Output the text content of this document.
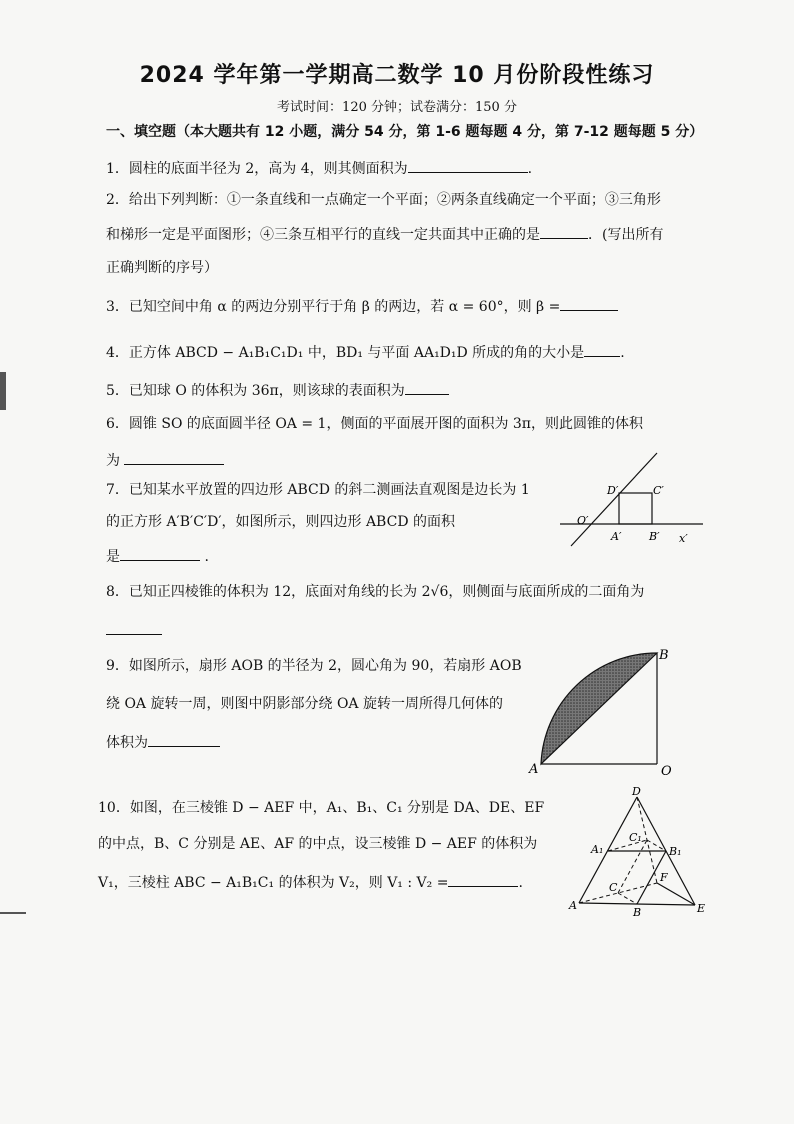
2024 学年第一学期高二数学 10 月份阶段性练习
考试时间：120 分钟；试卷满分：150 分
一、填空题（本大题共有 12 小题，满分 54 分，第 1-6 题每题 4 分，第 7-12 题每题 5 分）
1．圆柱的底面半径为 2，高为 4，则其侧面积为	.
2．给出下列判断：①一条直线和一点确定一个平面；②两条直线确定一个平面；③三角形
和梯形一定是平面图形；④三条互相平行的直线一定共面其中正确的是	．(写出所有
正确判断的序号）
3．已知空间中角 α 的两边分别平行于角 β 的两边，若 α = 60°，则 β =
4．正方体 ABCD − A₁B₁C₁D₁ 中，BD₁ 与平面 AA₁D₁D 所成的角的大小是	.
5．已知球 O 的体积为 36π，则该球的表面积为
6．圆锥 SO 的底面圆半径 OA = 1，侧面的平面展开图的面积为 3π，则此圆锥的体积
为
7．已知某水平放置的四边形 ABCD 的斜二测画法直观图是边长为 1
的正方形 A′B′C′D′，如图所示，则四边形 ABCD 的面积
是	.
D′	C′
O′
A′	B′ x′
8．已知正四棱锥的体积为 12，底面对角线的长为 2√6，则侧面与底面所成的二面角为
9．如图所示，扇形 AOB 的半径为 2，圆心角为 90，若扇形 AOB
绕 OA 旋转一周，则图中阴影部分绕 OA 旋转一周所得几何体的
体积为
A
B
O
10．如图，在三棱锥 D − AEF 中，A₁、B₁、C₁ 分别是 DA、DE、EF
的中点，B、C 分别是 AE、AF 的中点，设三棱锥 D − AEF 的体积为
V₁，三棱柱 ABC − A₁B₁C₁ 的体积为 V₂，则 V₁ : V₂ =	.
D
A₁	B₁
C₁
C
F
A
B	E
